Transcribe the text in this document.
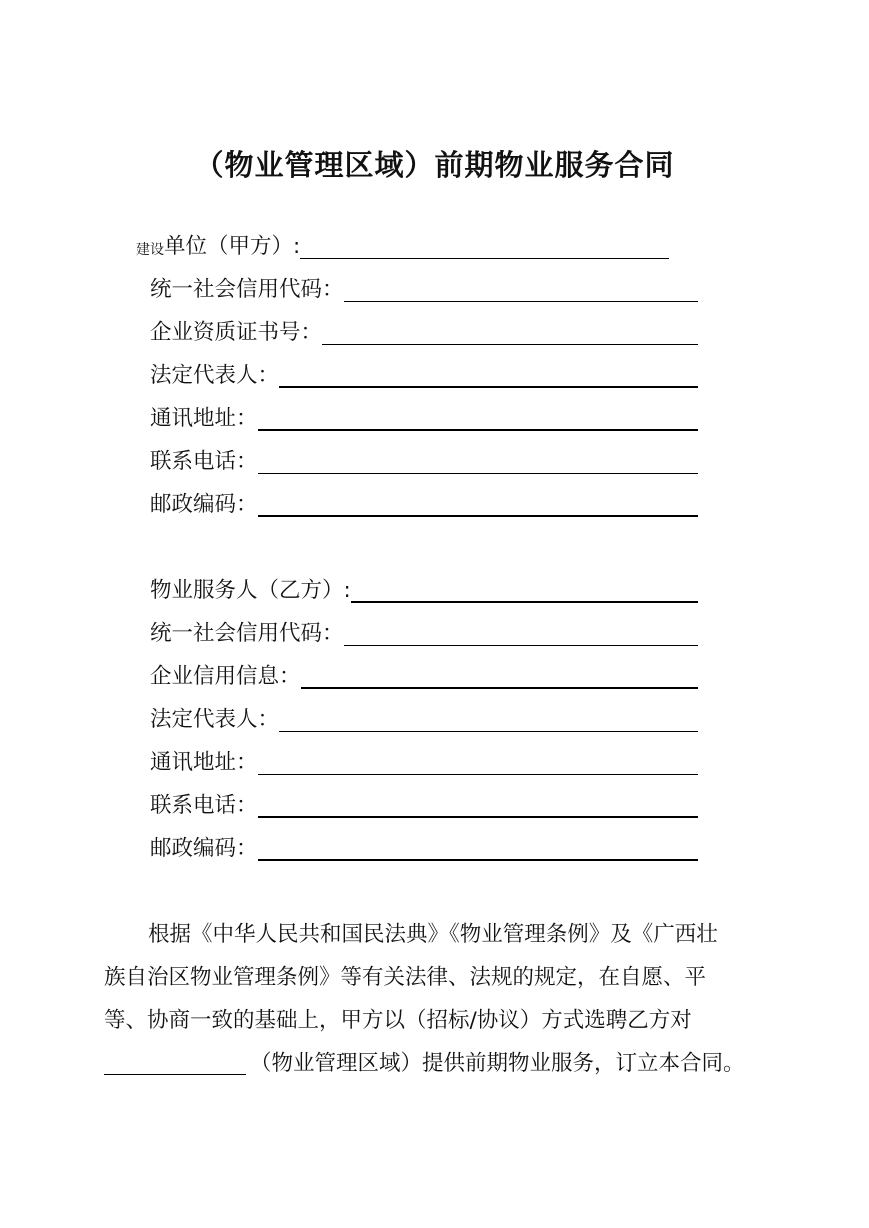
（物业管理区域）前期物业服务合同
建设 单位（甲方）:
统一社会信用代码：
企业资质证书号：
法定代表人：
通讯地址：
联系电话：
邮政编码：
物业服务人（乙方）:
统一社会信用代码：
企业信用信息：
法定代表人：
通讯地址：
联系电话：
邮政编码：

根据《中华人民共和国民法典》《物业管理条例》及《广西壮

族自治区物业管理条例》等有关法律、法规的规定，在自愿、平

等、协商一致的基础上，甲方以（招标/协议）方式选聘乙方对

（物业管理区域）提供前期物业服务，订立本合同。
